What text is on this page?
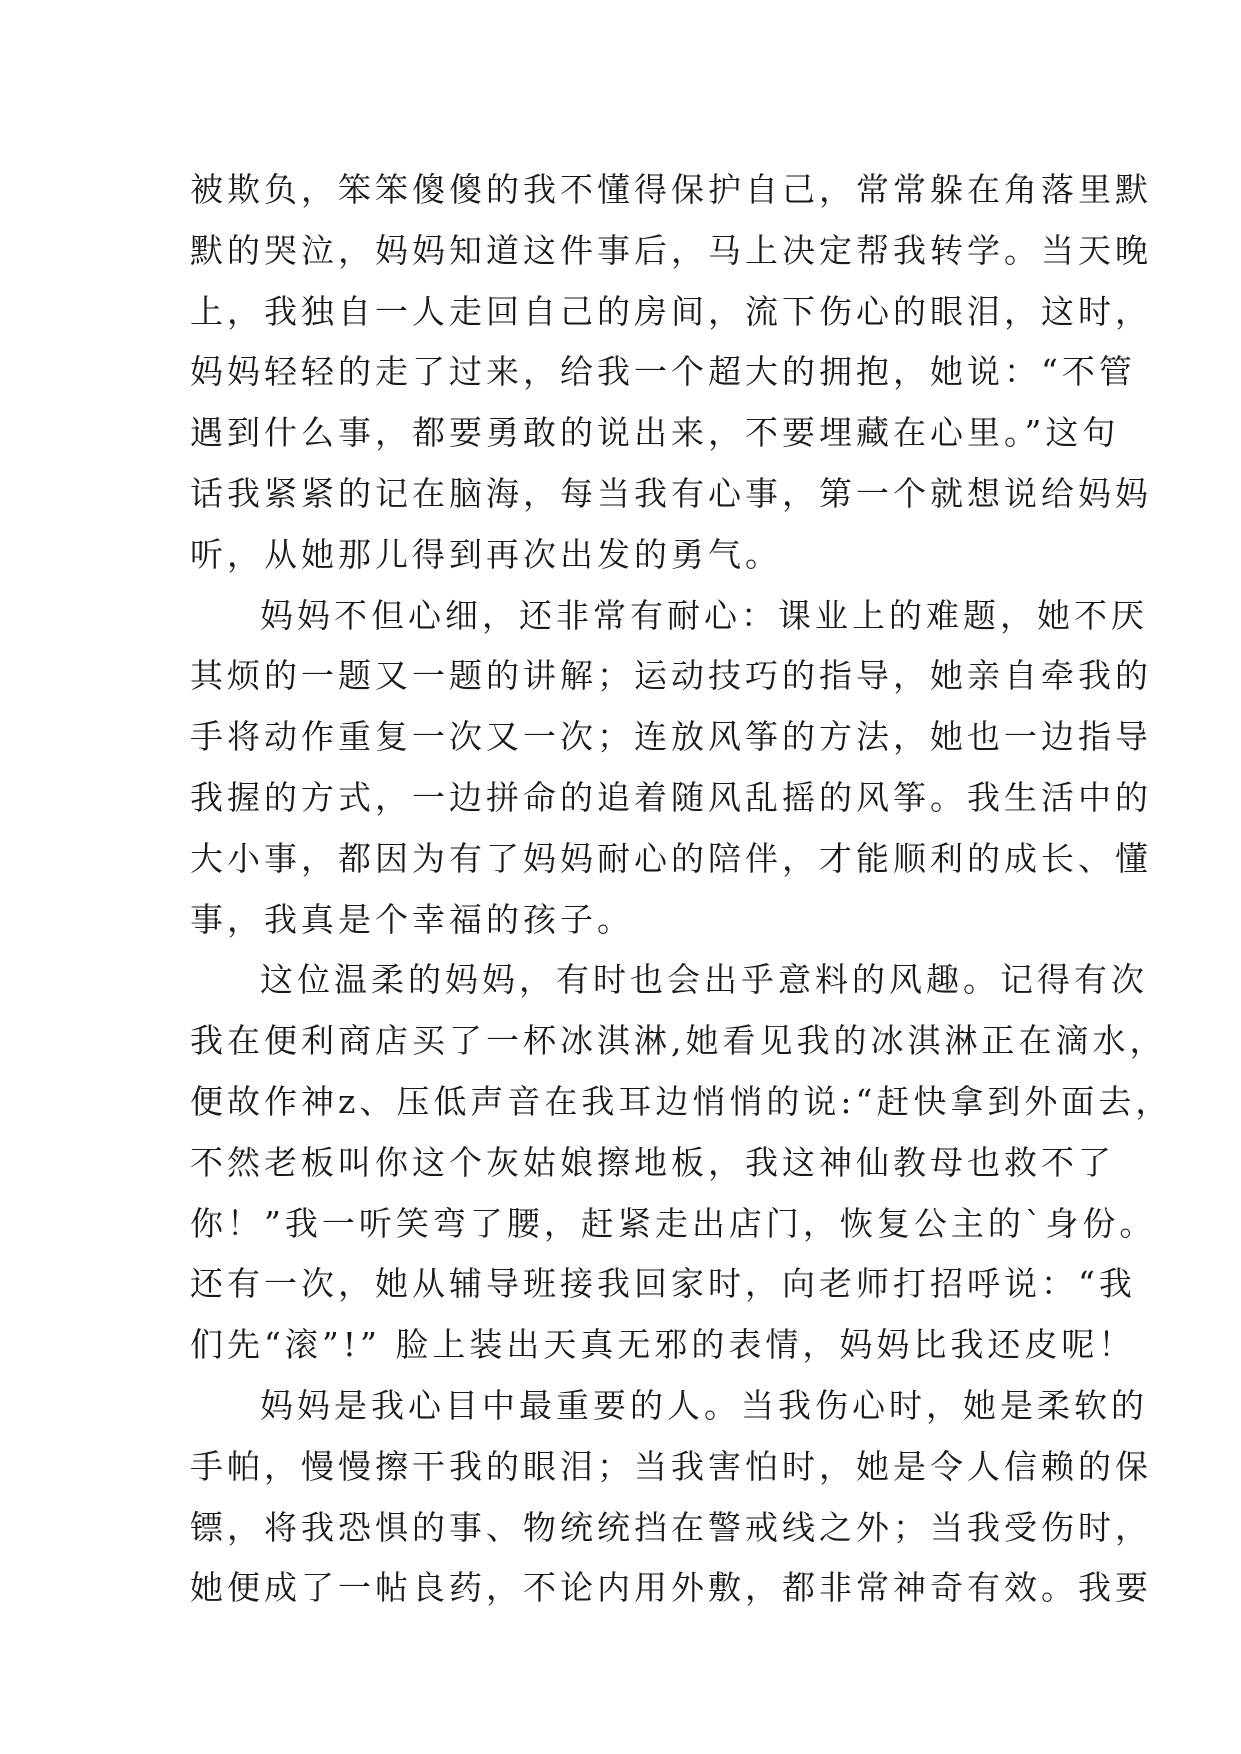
被欺负，笨笨傻傻的我不懂得保护自己，常常躲在角落里默
默的哭泣，妈妈知道这件事后，马上决定帮我转学。当天晚
上，我独自一人走回自己的房间，流下伤心的眼泪，这时，
妈妈轻轻的走了过来，给我一个超大的拥抱，她说：“不管
遇到什么事，都要勇敢的说出来，不要埋藏在心里。”这句
话我紧紧的记在脑海，每当我有心事，第一个就想说给妈妈
听，从她那儿得到再次出发的勇气。
妈妈不但心细，还非常有耐心：课业上的难题，她不厌
其烦的一题又一题的讲解；运动技巧的指导，她亲自牵我的
手将动作重复一次又一次；连放风筝的方法，她也一边指导
我握的方式，一边拼命的追着随风乱摇的风筝。我生活中的
大小事，都因为有了妈妈耐心的陪伴，才能顺利的成长、懂
事，我真是个幸福的孩子。
这位温柔的妈妈，有时也会出乎意料的风趣。记得有次
我在便利商店买了一杯冰淇淋,她看见我的冰淇淋正在滴水，
便故作神z、压低声音在我耳边悄悄的说:“赶快拿到外面去，
不然老板叫你这个灰姑娘擦地板，我这神仙教母也救不了
你！”我一听笑弯了腰，赶紧走出店门，恢复公主的`身份。
还有一次，她从辅导班接我回家时，向老师打招呼说：“我
们先“滚”!” 脸上装出天真无邪的表情，妈妈比我还皮呢！
妈妈是我心目中最重要的人。当我伤心时，她是柔软的
手帕，慢慢擦干我的眼泪；当我害怕时，她是令人信赖的保
镖，将我恐惧的事、物统统挡在警戒线之外；当我受伤时，
她便成了一帖良药，不论内用外敷，都非常神奇有效。我要
